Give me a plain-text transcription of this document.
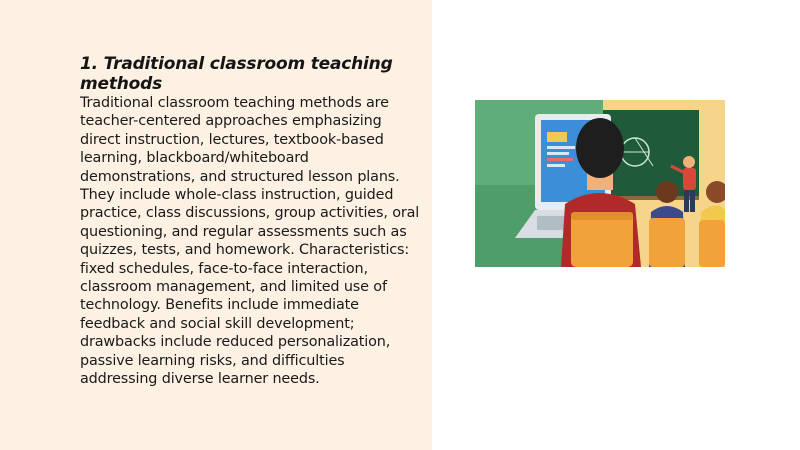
1. Traditional classroom teaching methods

Traditional classroom teaching methods are teacher-centered approaches emphasizing direct instruction, lectures, textbook-based learning, blackboard/whiteboard demonstrations, and structured lesson plans. They include whole-class instruction, guided practice, class discussions, group activities, oral questioning, and regular assessments such as quizzes, tests, and homework. Characteristics: fixed schedules, face-to-face interaction, classroom management, and limited use of technology. Benefits include immediate feedback and social skill development; drawbacks include reduced personalization, passive learning risks, and difficulties addressing diverse learner needs.
